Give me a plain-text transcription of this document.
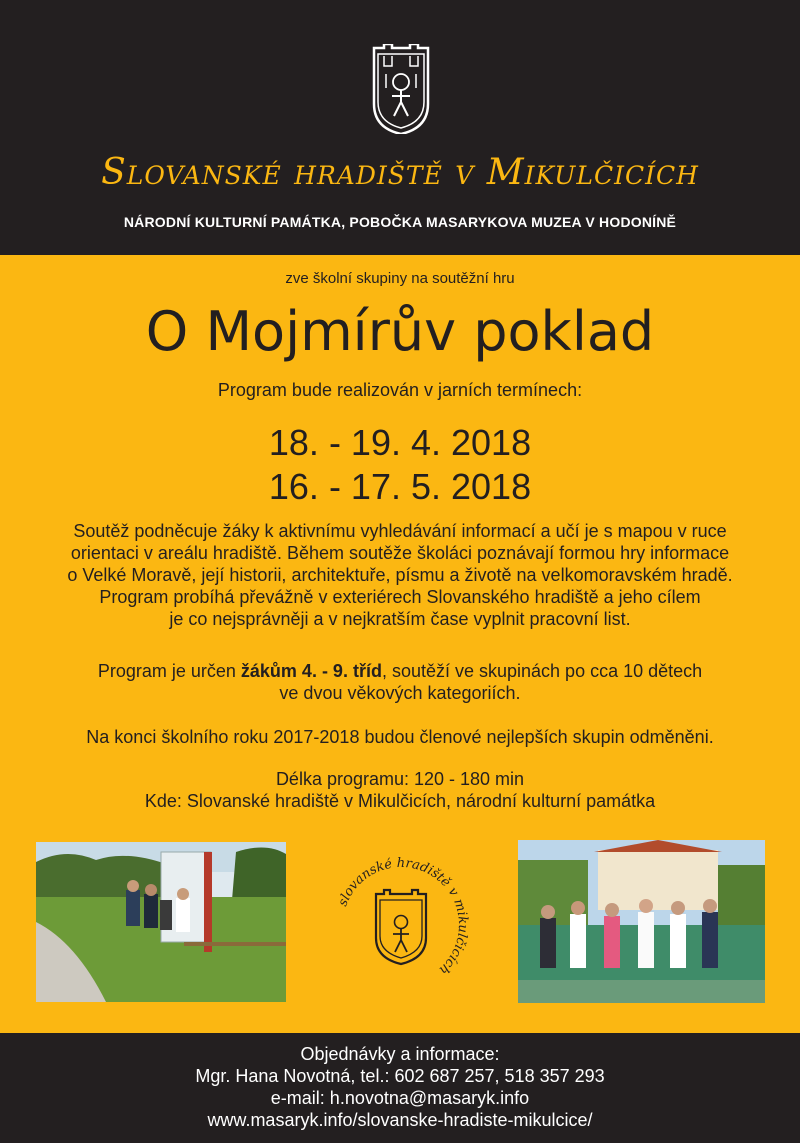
Slovanské hradiště v Mikulčicích
NÁRODNÍ KULTURNÍ PAMÁTKA, POBOČKA MASARYKOVA MUZEA V HODONÍNĚ
zve školní skupiny na soutěžní hru
O Mojmírův poklad
Program bude realizován v jarních termínech:
18. - 19. 4. 2018
16. - 17. 5. 2018
Soutěž podněcuje žáky k aktivnímu vyhledávání informací a učí je s mapou v ruce
orientaci v areálu hradiště. Během soutěže školáci poznávají formou hry informace
o Velké Moravě, její historii, architektuře, písmu a životě na velkomoravském hradě.
Program probíhá převážně v exteriérech Slovanského hradiště a jeho cílem
je co nejsprávněji a v nejkratším čase vyplnit pracovní list.
Program je určen žákům 4. - 9. tříd, soutěží ve skupinách po cca 10 dětech
ve dvou věkových kategoriích.
Na konci školního roku 2017-2018 budou členové nejlepších skupin odměněni.
Délka programu: 120 - 180 min
Kde: Slovanské hradiště v Mikulčicích, národní kulturní památka
slovanské hradiště v mikulčicích
Objednávky a informace:
Mgr. Hana Novotná, tel.: 602 687 257, 518 357 293
e-mail: h.novotna@masaryk.info
www.masaryk.info/slovanske-hradiste-mikulcice/
